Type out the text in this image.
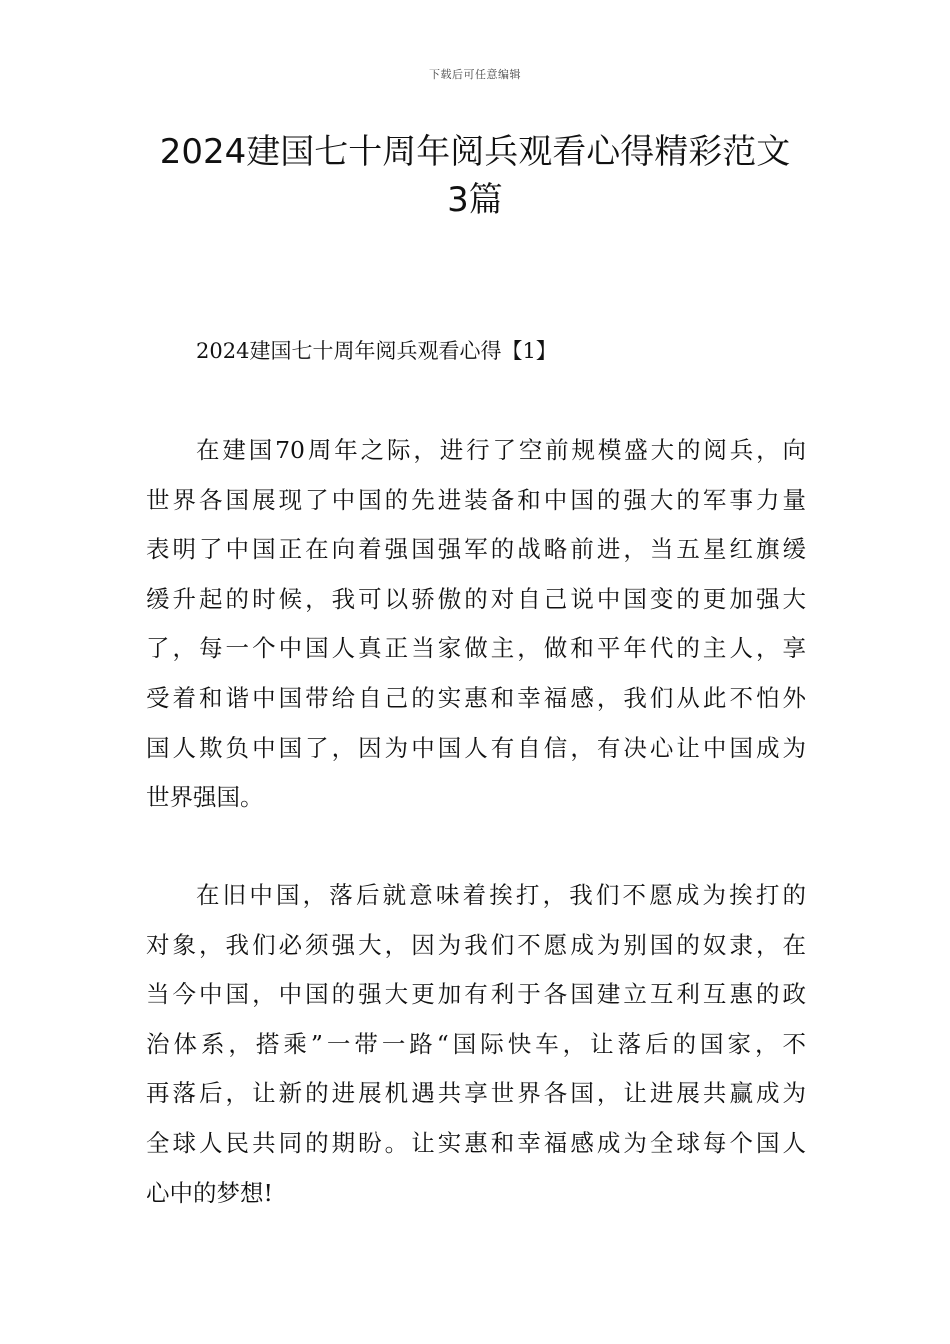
下载后可任意编辑
2024建国七十周年阅兵观看心得精彩范文
3篇
2024建国七十周年阅兵观看心得【1】
在建国70周年之际，进行了空前规模盛大的阅兵，向
世界各国展现了中国的先进装备和中国的强大的军事力量
表明了中国正在向着强国强军的战略前进，当五星红旗缓
缓升起的时候，我可以骄傲的对自己说中国变的更加强大
了，每一个中国人真正当家做主，做和平年代的主人，享
受着和谐中国带给自己的实惠和幸福感，我们从此不怕外
国人欺负中国了，因为中国人有自信，有决心让中国成为
世界强国。
在旧中国，落后就意味着挨打，我们不愿成为挨打的
对象，我们必须强大，因为我们不愿成为别国的奴隶，在
当今中国，中国的强大更加有利于各国建立互利互惠的政
治体系，搭乘”一带一路“国际快车，让落后的国家，不
再落后，让新的进展机遇共享世界各国，让进展共赢成为
全球人民共同的期盼。让实惠和幸福感成为全球每个国人
心中的梦想!
